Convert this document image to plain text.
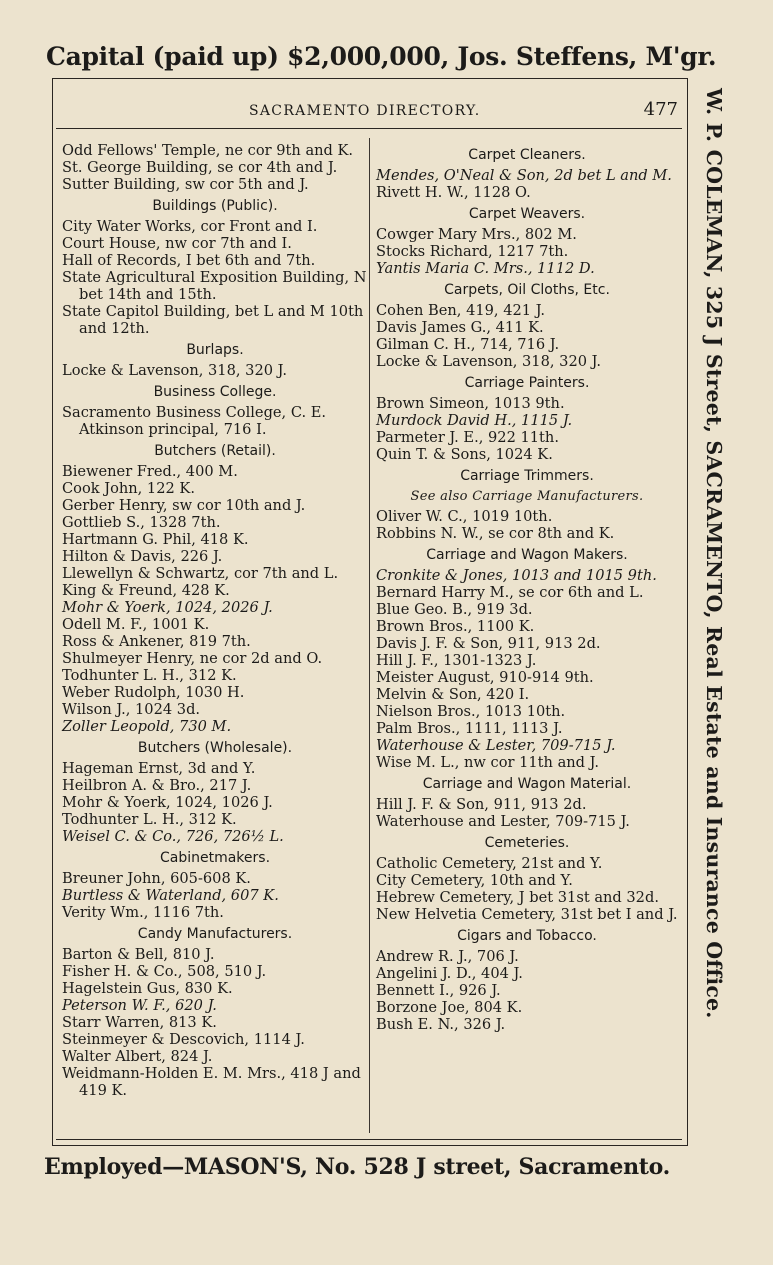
Capital (paid up) $2,000,000, Jos. Steffens, M'gr.
W. P. COLEMAN, 325 J Street, SACRAMENTO, Real Estate and Insurance Office.
SACRAMENTO DIRECTORY.	477
Odd Fellows' Temple, ne cor 9th and K.
St. George Building, se cor 4th and J.
Sutter Building, sw cor 5th and J.
Buildings (Public).
City Water Works, cor Front and I.
Court House, nw cor 7th and I.
Hall of Records, I bet 6th and 7th.
State Agricultural Exposition Building, N bet 14th and 15th.
State Capitol Building, bet L and M 10th and 12th.
Burlaps.
Locke & Lavenson, 318, 320 J.
Business College.
Sacramento Business College, C. E. Atkinson principal, 716 I.
Butchers (Retail).
Biewener Fred., 400 M.
Cook John, 122 K.
Gerber Henry, sw cor 10th and J.
Gottlieb S., 1328 7th.
Hartmann G. Phil, 418 K.
Hilton & Davis, 226 J.
Llewellyn & Schwartz, cor 7th and L.
King & Freund, 428 K.
Mohr & Yoerk, 1024, 2026 J.
Odell M. F., 1001 K.
Ross & Ankener, 819 7th.
Shulmeyer Henry, ne cor 2d and O.
Todhunter L. H., 312 K.
Weber Rudolph, 1030 H.
Wilson J., 1024 3d.
Zoller Leopold, 730 M.
Butchers (Wholesale).
Hageman Ernst, 3d and Y.
Heilbron A. & Bro., 217 J.
Mohr & Yoerk, 1024, 1026 J.
Todhunter L. H., 312 K.
Weisel C. & Co., 726, 726½ L.
Cabinetmakers.
Breuner John, 605-608 K.
Burtless & Waterland, 607 K.
Verity Wm., 1116 7th.
Candy Manufacturers.
Barton & Bell, 810 J.
Fisher H. & Co., 508, 510 J.
Hagelstein Gus, 830 K.
Peterson W. F., 620 J.
Starr Warren, 813 K.
Steinmeyer & Descovich, 1114 J.
Walter Albert, 824 J.
Weidmann-Holden E. M. Mrs., 418 J and 419 K.
Carpet Cleaners.
Mendes, O'Neal & Son, 2d bet L and M.
Rivett H. W., 1128 O.
Carpet Weavers.
Cowger Mary Mrs., 802 M.
Stocks Richard, 1217 7th.
Yantis Maria C. Mrs., 1112 D.
Carpets, Oil Cloths, Etc.
Cohen Ben, 419, 421 J.
Davis James G., 411 K.
Gilman C. H., 714, 716 J.
Locke & Lavenson, 318, 320 J.
Carriage Painters.
Brown Simeon, 1013 9th.
Murdock David H., 1115 J.
Parmeter J. E., 922 11th.
Quin T. & Sons, 1024 K.
Carriage Trimmers.
See also Carriage Manufacturers.
Oliver W. C., 1019 10th.
Robbins N. W., se cor 8th and K.
Carriage and Wagon Makers.
Cronkite & Jones, 1013 and 1015 9th.
Bernard Harry M., se cor 6th and L.
Blue Geo. B., 919 3d.
Brown Bros., 1100 K.
Davis J. F. & Son, 911, 913 2d.
Hill J. F., 1301-1323 J.
Meister August, 910-914 9th.
Melvin & Son, 420 I.
Nielson Bros., 1013 10th.
Palm Bros., 1111, 1113 J.
Waterhouse & Lester, 709-715 J.
Wise M. L., nw cor 11th and J.
Carriage and Wagon Material.
Hill J. F. & Son, 911, 913 2d.
Waterhouse and Lester, 709-715 J.
Cemeteries.
Catholic Cemetery, 21st and Y.
City Cemetery, 10th and Y.
Hebrew Cemetery, J bet 31st and 32d.
New Helvetia Cemetery, 31st bet I and J.
Cigars and Tobacco.
Andrew R. J., 706 J.
Angelini J. D., 404 J.
Bennett I., 926 J.
Borzone Joe, 804 K.
Bush E. N., 326 J.
Employed—MASON'S, No. 528 J street, Sacramento.
